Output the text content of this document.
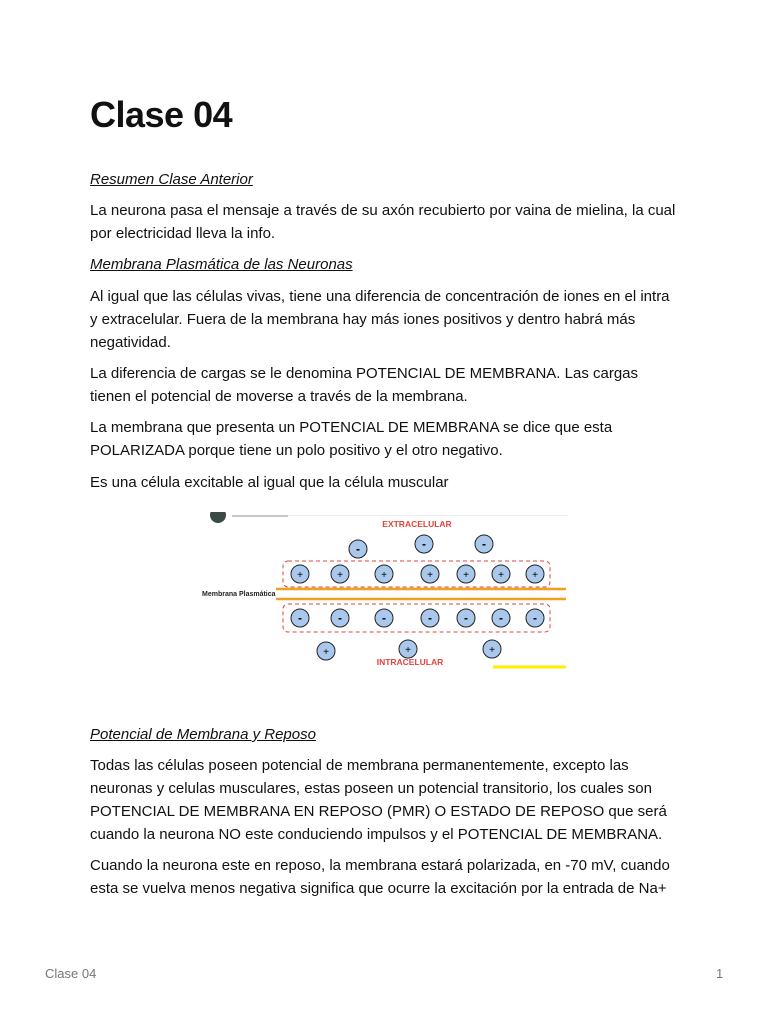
Clase 04
Resumen Clase Anterior
La neurona pasa el mensaje a través de su axón recubierto por vaina de mielina, la cual por electricidad lleva la info.
Membrana Plasmática de las Neuronas
Al igual que las células vivas, tiene una diferencia de concentración de iones en el intra y extracelular. Fuera de la membrana hay más iones positivos y dentro habrá más negatividad.
La diferencia de cargas se le denomina POTENCIAL DE MEMBRANA. Las cargas tienen el potencial de moverse a través de la membrana.
La membrana que presenta un POTENCIAL DE MEMBRANA se dice que esta POLARIZADA porque tiene un polo positivo y el otro negativo.
Es una célula excitable al igual que la célula muscular
Potencial de Membrana y Reposo
Todas las células poseen potencial de membrana permanentemente, excepto las neuronas y celulas musculares, estas poseen un potencial transitorio, los cuales son POTENCIAL DE MEMBRANA EN REPOSO (PMR) O ESTADO DE REPOSO que será cuando la neurona NO este conduciendo impulsos y el POTENCIAL DE MEMBRANA.
Cuando la neurona este en reposo, la membrana estará polarizada, en -70 mV, cuando esta se vuelva menos negativa significa que ocurre la excitación por la entrada de Na+
EXTRACELULAR
Membrana Plasmática
-	-	-
+	+	+	+	+	+	+
-	-	-	-	-	-	-
+	+	+
INTRACELULAR
Clase 04	1
